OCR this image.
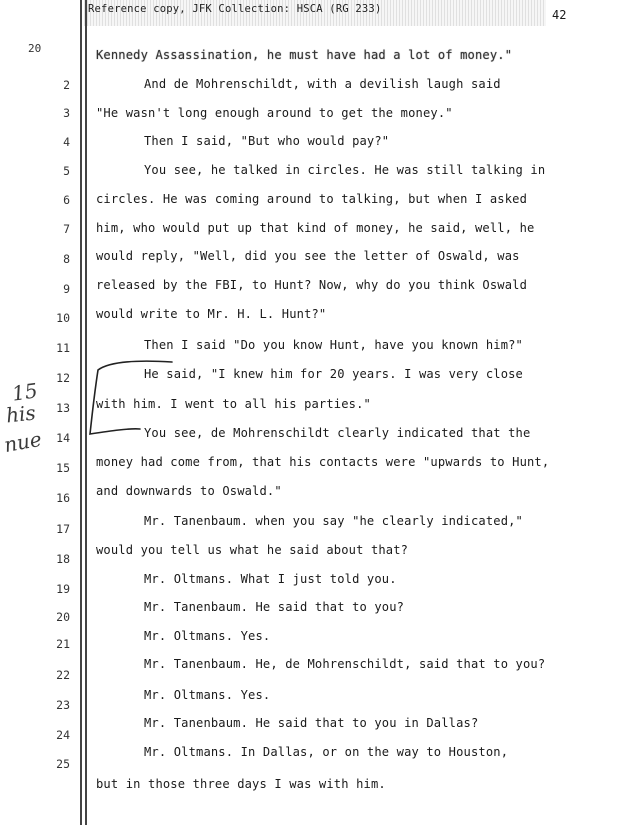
Reference copy, JFK Collection: HSCA (RG 233)	42
20
2
3
4
5
6
7
8
9
10
11
12
13
14
15
16
17
18
19
20
21
22
23
24
25
Kennedy Assassination, he must have had a lot of money."
And de Mohrenschildt, with a devilish laugh said
"He wasn't long enough around to get the money."
Then I said, "But who would pay?"
You see, he talked in circles. He was still talking in
circles. He was coming around to talking, but when I asked
him, who would put up that kind of money, he said, well, he
would reply, "Well, did you see the letter of Oswald, was
released by the FBI, to Hunt? Now, why do you think Oswald
would write to Mr. H. L. Hunt?"
Then I said "Do you know Hunt, have you known him?"
He said, "I knew him for 20 years. I was very close
with him. I went to all his parties."
You see, de Mohrenschildt clearly indicated that the
money had come from, that his contacts were "upwards to Hunt,
and downwards to Oswald."
Mr. Tanenbaum. when you say "he clearly indicated,"
would you tell us what he said about that?
Mr. Oltmans. What I just told you.
Mr. Tanenbaum. He said that to you?
Mr. Oltmans. Yes.
Mr. Tanenbaum. He, de Mohrenschildt, said that to you?
Mr. Oltmans. Yes.
Mr. Tanenbaum. He said that to you in Dallas?
Mr. Oltmans. In Dallas, or on the way to Houston,
but in those three days I was with him.
15
his
nue
